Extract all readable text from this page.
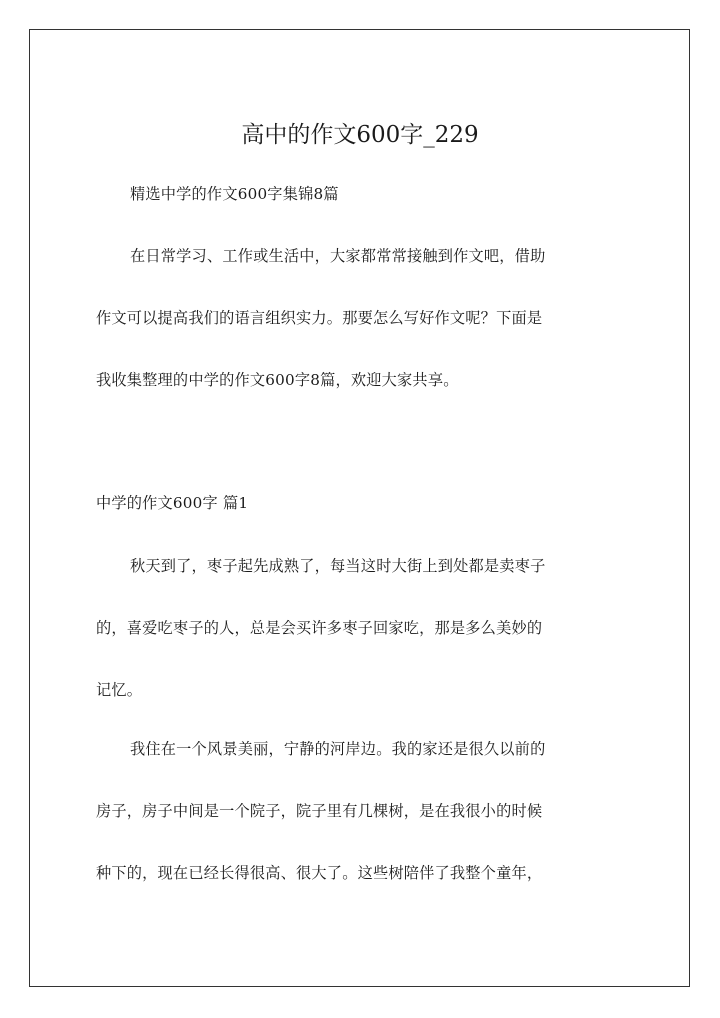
高中的作文600字_229
精选中学的作文600字集锦8篇
在日常学习、工作或生活中，大家都常常接触到作文吧，借助
作文可以提高我们的语言组织实力。那要怎么写好作文呢？下面是
我收集整理的中学的作文600字8篇，欢迎大家共享。
中学的作文600字 篇1
秋天到了，枣子起先成熟了，每当这时大街上到处都是卖枣子
的，喜爱吃枣子的人，总是会买许多枣子回家吃，那是多么美妙的
记忆。
我住在一个风景美丽，宁静的河岸边。我的家还是很久以前的
房子，房子中间是一个院子，院子里有几棵树，是在我很小的时候
种下的，现在已经长得很高、很大了。这些树陪伴了我整个童年，
